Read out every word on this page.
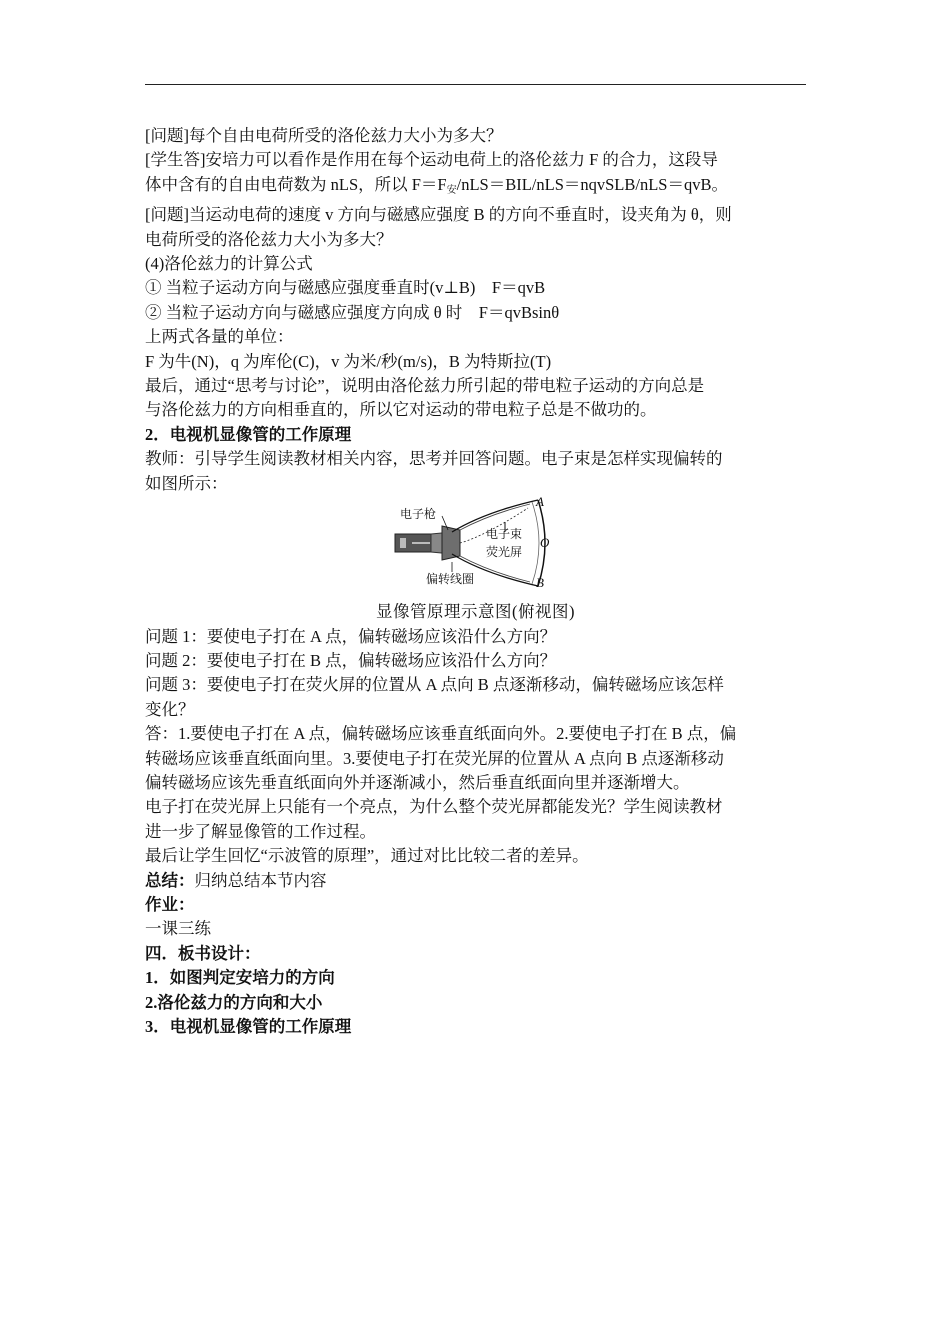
[问题]每个自由电荷所受的洛伦兹力大小为多大？

[学生答]安培力可以看作是作用在每个运动电荷上的洛伦兹力 F 的合力，这段导

体中含有的自由电荷数为 nLS，所以 $F=F_安/nLS=BIL/nLS=nqvSLB/nLS=qvB$。

[问题]当运动电荷的速度 v 方向与磁感应强度 B 的方向不垂直时，设夹角为 θ，则

电荷所受的洛伦兹力大小为多大？

(4)洛伦兹力的计算公式

① 当粒子运动方向与磁感应强度垂直时(v⊥B)　F＝qvB

② 当粒子运动方向与磁感应强度方向成 θ 时　F＝qvBsinθ

上两式各量的单位：

F 为牛(N)，q 为库伦(C)，v 为米/秒(m/s)，B 为特斯拉(T)

最后，通过“思考与讨论”，说明由洛伦兹力所引起的带电粒子运动的方向总是

与洛伦兹力的方向相垂直的，所以它对运动的带电粒子总是不做功的。

2．电视机显像管的工作原理

教师：引导学生阅读教材相关内容，思考并回答问题。电子束是怎样实现偏转的

如图所示：

电子枪
电子束
荧光屏
偏转线圈
A
O
B

显像管原理示意图(俯视图)

问题 1：要使电子打在 A 点，偏转磁场应该沿什么方向？

问题 2：要使电子打在 B 点，偏转磁场应该沿什么方向？

问题 3：要使电子打在荧火屏的位置从 A 点向 B 点逐渐移动，偏转磁场应该怎样

变化？

答：1.要使电子打在 A 点，偏转磁场应该垂直纸面向外。2.要使电子打在 B 点，偏

转磁场应该垂直纸面向里。3.要使电子打在荧光屏的位置从 A 点向 B 点逐渐移动

偏转磁场应该先垂直纸面向外并逐渐减小，然后垂直纸面向里并逐渐增大。

电子打在荧光屏上只能有一个亮点，为什么整个荧光屏都能发光？学生阅读教材

进一步了解显像管的工作过程。

最后让学生回忆“示波管的原理”，通过对比比较二者的差异。

总结：归纳总结本节内容

作业：

一课三练

四．板书设计：

1．如图判定安培力的方向

2.洛伦兹力的方向和大小

3．电视机显像管的工作原理
